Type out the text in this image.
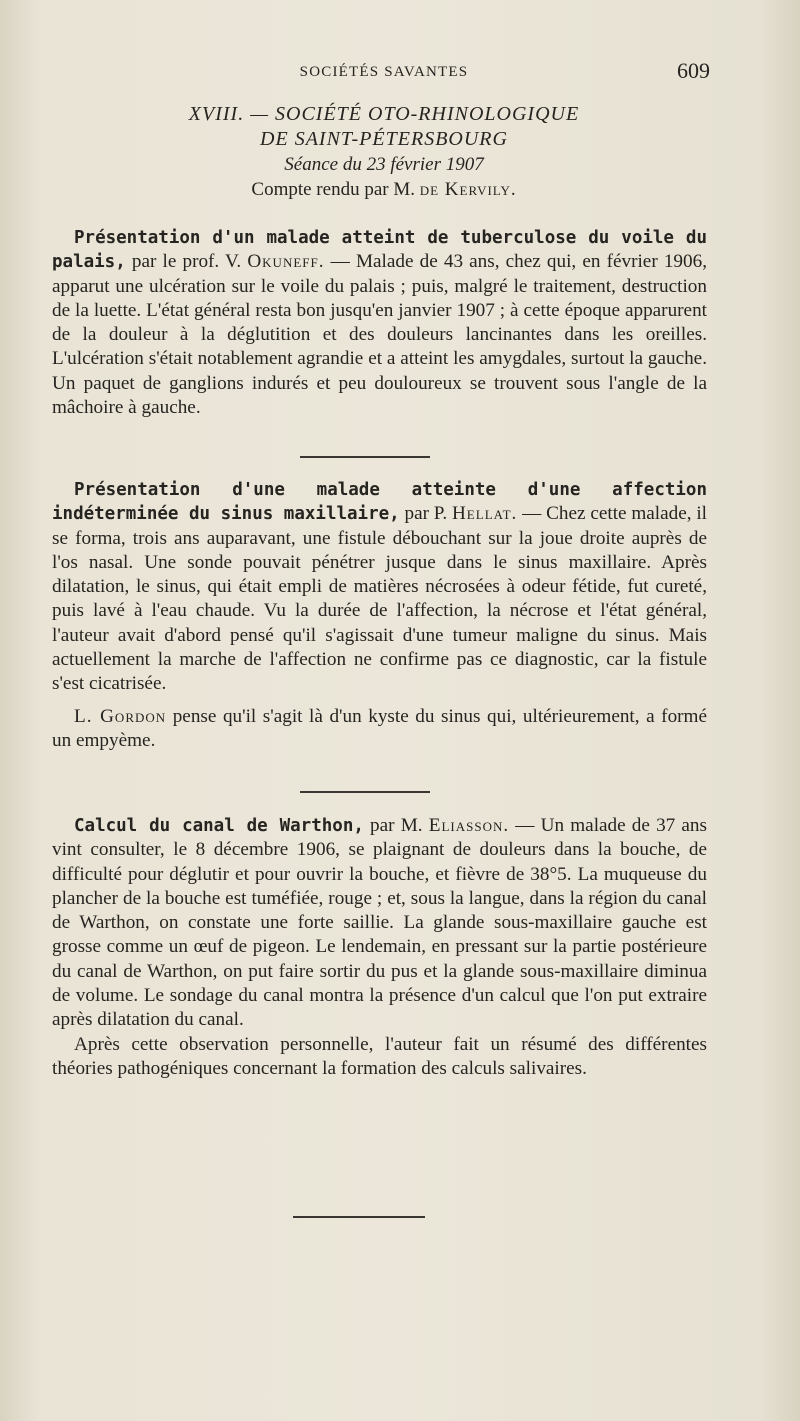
SOCIÉTÉS SAVANTES	609
XVIII. — SOCIÉTÉ OTO-RHINOLOGIQUE
DE SAINT-PÉTERSBOURG
Séance du 23 février 1907
Compte rendu par M. de Kervily.

Présentation d'un malade atteint de tuberculose du voile du palais, par le prof. V. Okuneff. — Malade de 43 ans, chez qui, en février 1906, apparut une ulcération sur le voile du palais ; puis, malgré le traitement, destruction de la luette. L'état général resta bon jusqu'en janvier 1907 ; à cette époque apparurent de la douleur à la déglutition et des douleurs lancinantes dans les oreilles. L'ulcération s'était notablement agrandie et a atteint les amygdales, surtout la gauche. Un paquet de ganglions indurés et peu douloureux se trouvent sous l'angle de la mâchoire à gauche.

Présentation d'une malade atteinte d'une affection indéterminée du sinus maxillaire, par P. Hellat. — Chez cette malade, il se forma, trois ans auparavant, une fistule débouchant sur la joue droite auprès de l'os nasal. Une sonde pouvait pénétrer jusque dans le sinus maxillaire. Après dilatation, le sinus, qui était empli de matières nécrosées à odeur fétide, fut cureté, puis lavé à l'eau chaude. Vu la durée de l'affection, la nécrose et l'état général, l'auteur avait d'abord pensé qu'il s'agissait d'une tumeur maligne du sinus. Mais actuellement la marche de l'affection ne confirme pas ce diagnostic, car la fistule s'est cicatrisée.

L. Gordon pense qu'il s'agit là d'un kyste du sinus qui, ultérieurement, a formé un empyème.

Calcul du canal de Warthon, par M. Eliasson. — Un malade de 37 ans vint consulter, le 8 décembre 1906, se plaignant de douleurs dans la bouche, de difficulté pour déglutir et pour ouvrir la bouche, et fièvre de 38°5. La muqueuse du plancher de la bouche est tuméfiée, rouge ; et, sous la langue, dans la région du canal de Warthon, on constate une forte saillie. La glande sous-maxillaire gauche est grosse comme un œuf de pigeon. Le lendemain, en pressant sur la partie postérieure du canal de Warthon, on put faire sortir du pus et la glande sous-maxillaire diminua de volume. Le sondage du canal montra la présence d'un calcul que l'on put extraire après dilatation du canal.

Après cette observation personnelle, l'auteur fait un résumé des différentes théories pathogéniques concernant la formation des calculs salivaires.
